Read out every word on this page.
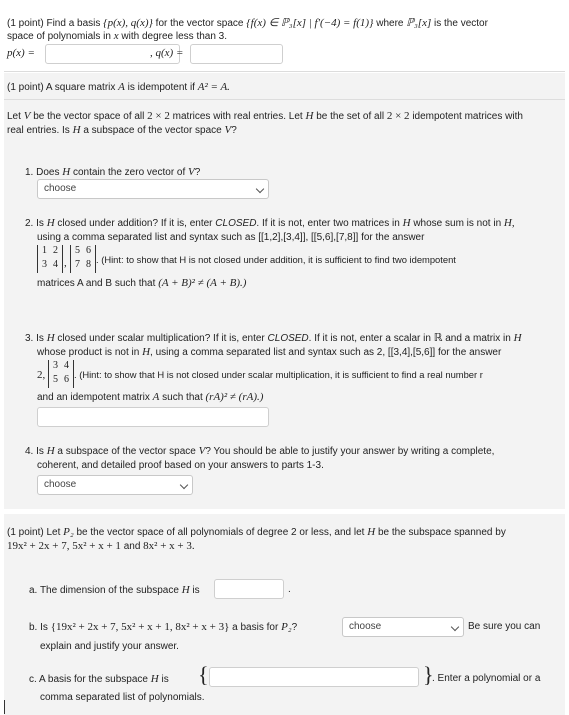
(1 point) Find a basis {p(x), q(x)} for the vector space {f(x) ∈ ℙ₃[x] | f′(−4) = f(1)} where ℙ₃[x] is the vector
space of polynomials in x with degree less than 3.
p(x) =	, q(x) =
(1 point) A square matrix A is idempotent if A² = A.
Let V be the vector space of all 2 × 2 matrices with real entries. Let H be the set of all 2 × 2 idempotent matrices with
real entries. Is H a subspace of the vector space V?
1. Does H contain the zero vector of V?
choose
2. Is H closed under addition? If it is, enter CLOSED. If it is not, enter two matrices in H whose sum is not in H,
using a comma separated list and syntax such as [[1,2],[3,4]], [[5,6],[7,8]] for the answer
1 2
3 4 ,
5 6
7 8 . (Hint: to show that H is not closed under addition, it is sufficient to find two idempotent
matrices A and B such that (A + B)² ≠ (A + B).)
3. Is H closed under scalar multiplication? If it is, enter CLOSED. If it is not, enter a scalar in ℝ and a matrix in H
whose product is not in H, using a comma separated list and syntax such as 2, [[3,4],[5,6]] for the answer
2,
3 4
5 6 . (Hint: to show that H is not closed under scalar multiplication, it is sufficient to find a real number r
and an idempotent matrix A such that (rA)² ≠ (rA).)
4. Is H a subspace of the vector space V? You should be able to justify your answer by writing a complete,
coherent, and detailed proof based on your answers to parts 1-3.
choose
(1 point) Let P₂ be the vector space of all polynomials of degree 2 or less, and let H be the subspace spanned by
19x² + 2x + 7, 5x² + x + 1 and 8x² + x + 3.
a. The dimension of the subspace H is	.
b. Is {19x² + 2x + 7, 5x² + x + 1, 8x² + x + 3} a basis for P₂?	choose	Be sure you can
explain and justify your answer.
c. A basis for the subspace H is {	}
. Enter a polynomial or a
comma separated list of polynomials.
